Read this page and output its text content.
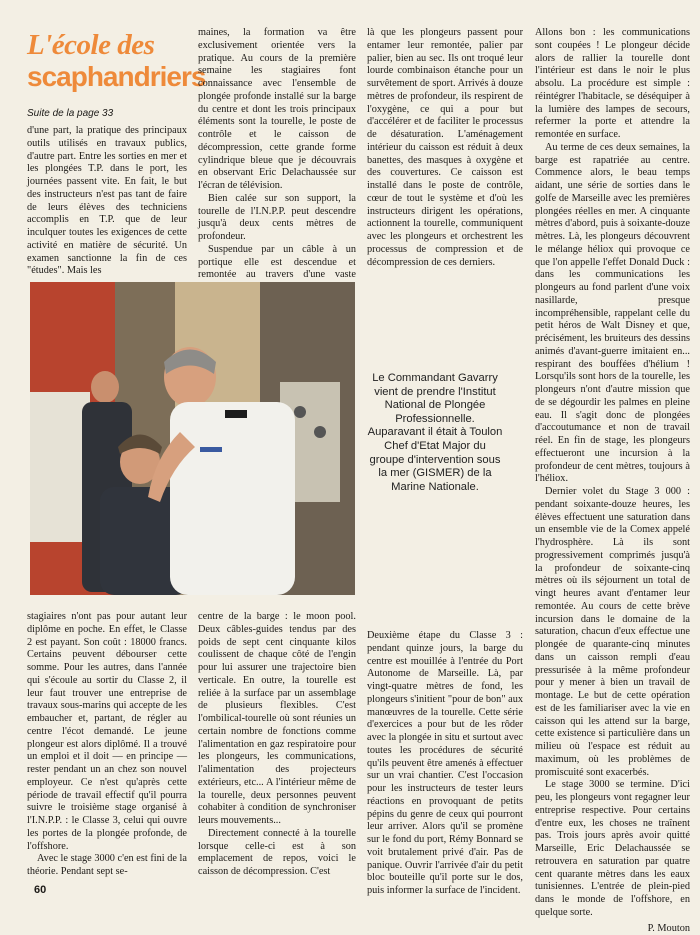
L'école des
scaphandriers
Suite de la page 33

d'une part, la pratique des principaux outils utilisés en travaux publics, d'autre part. Entre les sorties en mer et les plongées T.P. dans le port, les journées passent vite. En fait, le but des instructeurs n'est pas tant de faire de leurs élèves des techniciens accomplis en T.P. que de leur inculquer toutes les exigences de cette activité en matière de sécurité. Un examen sanctionne la fin de ces "études". Mais les

maines, la formation va être exclusivement orientée vers la pratique. Au cours de la première semaine les stagiaires font connaissance avec l'ensemble de plongée profonde installé sur la barge du centre et dont les trois principaux éléments sont la tourelle, le poste de contrôle et le caisson de décompression, cette grande forme cylindrique bleue que je découvrais en observant Eric Delachaussée sur l'écran de télévision.

Bien calée sur son support, la tourelle de l'I.N.P.P. peut descendre jusqu'à deux cents mètres de profondeur.

Suspendue par un câble à un portique elle est descendue et remontée au travers d'une vaste

là que les plongeurs passent pour entamer leur remontée, palier par palier, bien au sec. Ils ont troqué leur lourde combinaison étanche pour un survêtement de sport. Arrivés à douze mètres de profondeur, ils respirent de l'oxygène, ce qui a pour but d'accélérer et de faciliter le processus de désaturation. L'aménagement intérieur du caisson est réduit à deux banettes, des masques à oxygène et des couvertures. Ce caisson est installé dans le poste de contrôle, cœur de tout le système et d'où les instructeurs dirigent les opérations, actionnent la tourelle, communiquent avec les plongeurs et orchestrent les processus de compression et de décompression de ces derniers.

Allons bon : les communications sont coupées ! Le plongeur décide alors de rallier la tourelle dont l'intérieur est dans le noir le plus absolu. La procédure est simple : réintégrer l'habitacle, se déséquiper à la lumière des lampes de secours, refermer la porte et attendre la remontée en surface.

Au terme de ces deux semaines, la barge est rapatriée au centre. Commence alors, le beau temps aidant, une série de sorties dans le golfe de Marseille avec les premières plongées réelles en mer. A cinquante mètres d'abord, puis à soixante-douze mètres. Là, les plongeurs découvrent le mélange héliox qui provoque ce que l'on appelle l'effet Donald Duck : dans les communications les plongeurs au fond parlent d'une voix nasillarde, presque incompréhensible, rappelant celle du petit héros de Walt Disney et que, précisément, les bruiteurs des dessins animés d'avant-guerre imitaient en... respirant des bouffées d'hélium ! Lorsqu'ils sont hors de la tourelle, les plongeurs n'ont d'autre mission que de se dégourdir les palmes en pleine eau. Il s'agit donc de plongées d'accoutumance et non de travail réel. En fin de stage, les plongeurs effectueront une incursion à la profondeur de cent mètres, toujours à l'héliox.

Dernier volet du Stage 3 000 : pendant soixante-douze heures, les élèves effectuent une saturation dans un ensemble vie de la Comex appelé l'hydrosphère. Là ils sont progressivement comprimés jusqu'à la profondeur de soixante-cinq mètres où ils séjournent un total de vingt heures avant d'entamer leur remontée. Au cours de cette brève incursion dans le domaine de la saturation, chacun d'eux effectue une plongée de quarante-cinq minutes dans un caisson rempli d'eau pressurisée à la même profondeur pour y mener à bien un travail de montage. Le but de cette opération est de les familiariser avec la vie en caisson qui les attend sur la barge, cette existence si particulière dans un milieu où l'espace est réduit au maximum, où les problèmes de promiscuité sont exacerbés.

Le stage 3000 se termine. D'ici peu, les plongeurs vont regagner leur entreprise respective. Pour certains d'entre eux, les choses ne traînent pas. Trois jours après avoir quitté Marseille, Eric Delachaussée se retrouvera en saturation par quatre cent quarante mètres dans les eaux tunisiennes. L'entrée de plein-pied dans le monde de l'offshore, en quelque sorte.

P. Mouton

Le Commandant Gavarry vient de prendre l'Institut National de Plongée Professionnelle. Auparavant il était à Toulon Chef d'Etat Major du groupe d'intervention sous la mer (GISMER) de la Marine Nationale.

stagiaires n'ont pas pour autant leur diplôme en poche. En effet, le Classe 2 est payant. Son coût : 18000 francs. Certains peuvent débourser cette somme. Pour les autres, dans l'année qui s'écoule au sortir du Classe 2, il leur faut trouver une entreprise de travaux sous-marins qui accepte de les embaucher et, partant, de régler au centre l'écot demandé. Le jeune plongeur est alors diplômé. Il a trouvé un emploi et il doit — en principe — rester pendant un an chez son nouvel employeur. Ce n'est qu'après cette période de travail effectif qu'il pourra suivre le troisième stage organisé à l'I.N.P.P. : le Classe 3, celui qui ouvre les portes de la plongée profonde, de l'offshore.

Avec le stage 3000 c'en est fini de la théorie. Pendant sept se-

centre de la barge : le moon pool. Deux câbles-guides tendus par des poids de sept cent cinquante kilos coulissent de chaque côté de l'engin pour lui assurer une trajectoire bien verticale. En outre, la tourelle est reliée à la surface par un assemblage de plusieurs flexibles. C'est l'ombilical-tourelle où sont réunies un certain nombre de fonctions comme l'alimentation en gaz respiratoire pour les plongeurs, les communications, l'alimentation des projecteurs extérieurs, etc... A l'intérieur même de la tourelle, deux personnes peuvent cohabiter à condition de synchroniser leurs mouvements...

Directement connecté à la tourelle lorsque celle-ci est à son emplacement de repos, voici le caisson de décompression. C'est

Deuxième étape du Classe 3 : pendant quinze jours, la barge du centre est mouillée à l'entrée du Port Autonome de Marseille. Là, par vingt-quatre mètres de fond, les plongeurs s'initient "pour de bon" aux manœuvres de la tourelle. Cette série d'exercices a pour but de les rôder avec la plongée in situ et surtout avec toutes les procédures de sécurité qu'ils peuvent être amenés à effectuer sur un vrai chantier. C'est l'occasion pour les instructeurs de tester leurs réactions en provoquant de petits pépins du genre de ceux qui pourront leur arriver. Alors qu'il se promène sur le fond du port, Rémy Bonnard se voit brutalement privé d'air. Pas de panique. Ouvrir l'arrivée d'air du petit bloc bouteille qu'il porte sur le dos, puis informer la surface de l'incident.

60
